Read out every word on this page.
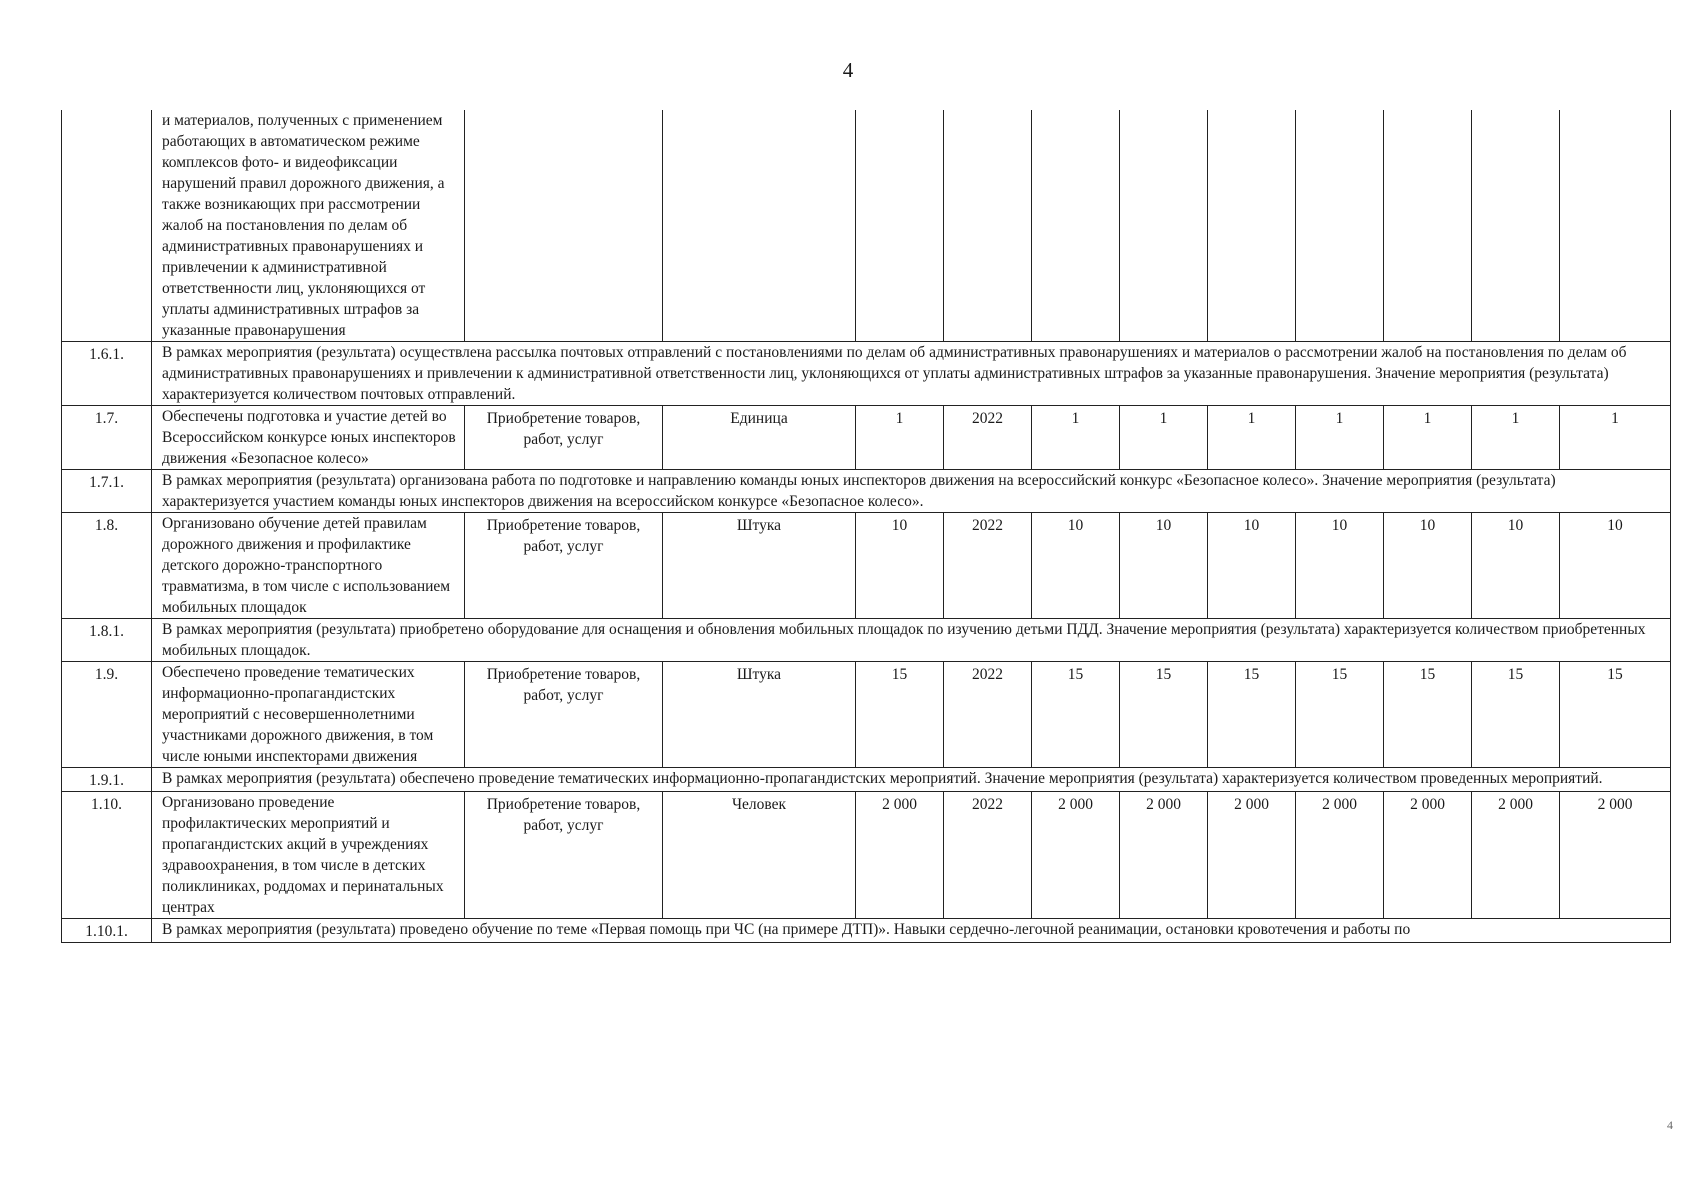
4
4
	и материалов, полученных с применением работающих в автоматическом режиме комплексов фото- и видеофиксации нарушений правил дорожного движения, а также возникающих при рассмотрении жалоб на постановления по делам об административных правонарушениях и привлечении к административной ответственности лиц, уклоняющихся от уплаты административных штрафов за указанные правонарушения											
1.6.1.	В рамках мероприятия (результата) осуществлена рассылка почтовых отправлений с постановлениями по делам об административных правонарушениях и материалов о рассмотрении жалоб на постановления по делам об административных правонарушениях и привлечении к административной ответственности лиц, уклоняющихся от уплаты административных штрафов за указанные правонарушения. Значение мероприятия (результата) характеризуется количеством почтовых отправлений.											
1.7.	Обеспечены подготовка и участие детей во Всероссийском конкурсе юных инспекторов движения «Безопасное колесо»	Приобретение товаров, работ, услуг	Единица	1	2022	1	1	1	1	1	1	1
1.7.1.	В рамках мероприятия (результата) организована работа по подготовке и направлению команды юных инспекторов движения на всероссийский конкурс «Безопасное колесо». Значение мероприятия (результата) характеризуется участием команды юных инспекторов движения на всероссийском конкурсе «Безопасное колесо».											
1.8.	Организовано обучение детей правилам дорожного движения и профилактике детского дорожно-транспортного травматизма, в том числе с использованием мобильных площадок	Приобретение товаров, работ, услуг	Штука	10	2022	10	10	10	10	10	10	10
1.8.1.	В рамках мероприятия (результата) приобретено оборудование для оснащения и обновления мобильных площадок по изучению детьми ПДД. Значение мероприятия (результата) характеризуется количеством приобретенных мобильных площадок.											
1.9.	Обеспечено проведение тематических информационно-пропагандистских мероприятий с несовершеннолетними участниками дорожного движения, в том числе юными инспекторами движения	Приобретение товаров, работ, услуг	Штука	15	2022	15	15	15	15	15	15	15
1.9.1.	В рамках мероприятия (результата) обеспечено проведение тематических информационно-пропагандистских мероприятий. Значение мероприятия (результата) характеризуется количеством проведенных мероприятий.											
1.10.	Организовано проведение профилактических мероприятий и пропагандистских акций в учреждениях здравоохранения, в том числе в детских поликлиниках, роддомах и перинатальных центрах	Приобретение товаров, работ, услуг	Человек	2 000	2022	2 000	2 000	2 000	2 000	2 000	2 000	2 000
1.10.1.	В рамках мероприятия (результата) проведено обучение по теме «Первая помощь при ЧС (на примере ДТП)». Навыки сердечно-легочной реанимации, остановки кровотечения и работы по											
